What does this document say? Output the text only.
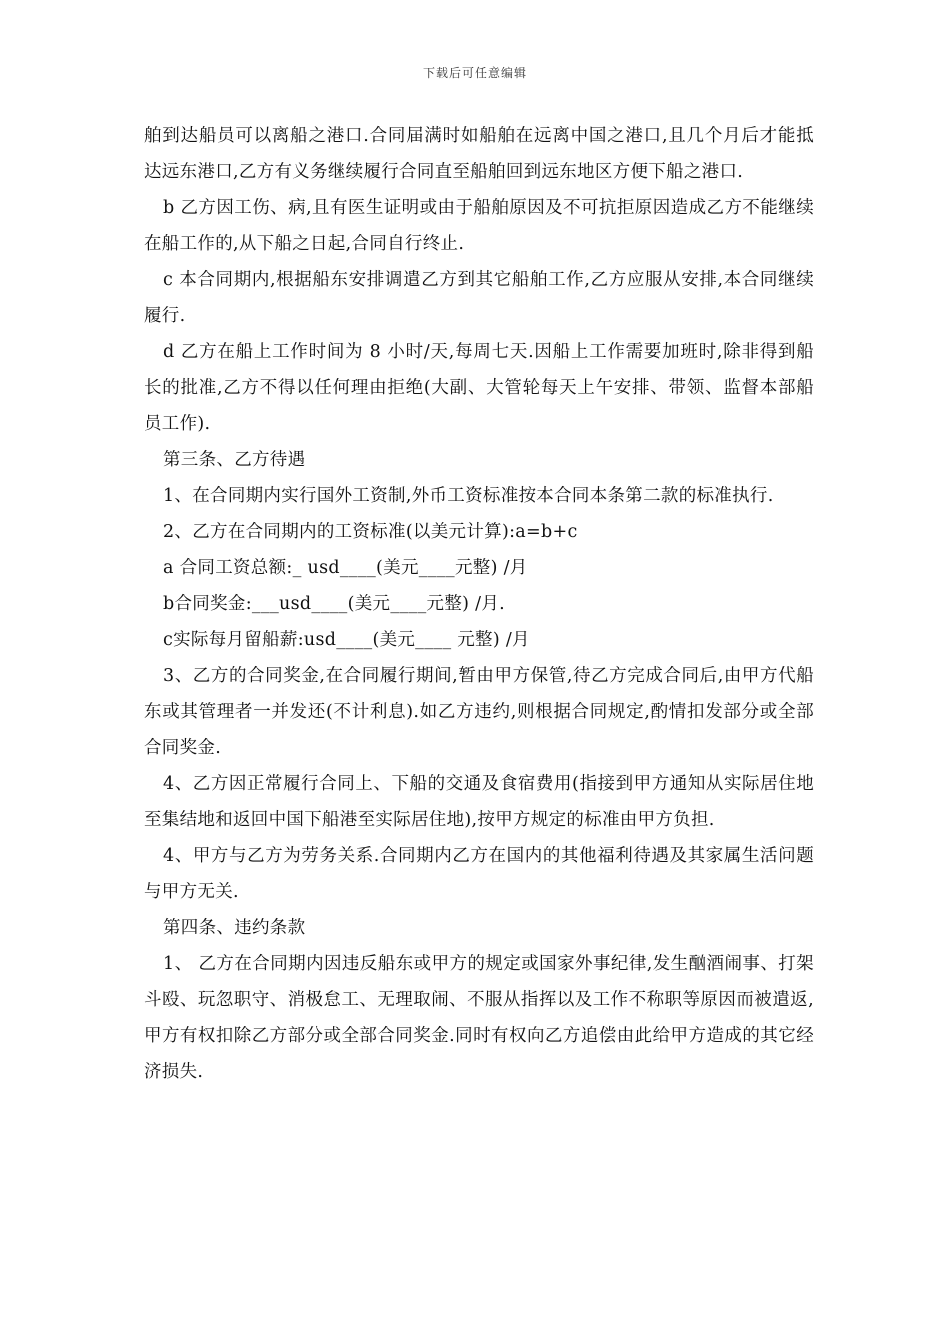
下载后可任意编辑

舶到达船员可以离船之港口.合同届满时如船舶在远离中国之港口,且几个月后才能抵达远东港口,乙方有义务继续履行合同直至船舶回到远东地区方便下船之港口.

b 乙方因工伤、病,且有医生证明或由于船舶原因及不可抗拒原因造成乙方不能继续在船工作的,从下船之日起,合同自行终止.

c 本合同期内,根据船东安排调遣乙方到其它船舶工作,乙方应服从安排,本合同继续履行.

d 乙方在船上工作时间为 8 小时/天,每周七天.因船上工作需要加班时,除非得到船长的批准,乙方不得以任何理由拒绝(大副、大管轮每天上午安排、带领、监督本部船员工作).

第三条、乙方待遇

1、在合同期内实行国外工资制,外币工资标准按本合同本条第二款的标准执行.

2、乙方在合同期内的工资标准(以美元计算):a=b+c

a 合同工资总额:_ usd____(美元____元整) /月

b合同奖金:___usd____(美元____元整) /月.

c实际每月留船薪:usd____(美元____ 元整) /月

3、乙方的合同奖金,在合同履行期间,暂由甲方保管,待乙方完成合同后,由甲方代船东或其管理者一并发还(不计利息).如乙方违约,则根据合同规定,酌情扣发部分或全部合同奖金.

4、乙方因正常履行合同上、下船的交通及食宿费用(指接到甲方通知从实际居住地至集结地和返回中国下船港至实际居住地),按甲方规定的标准由甲方负担.

4、甲方与乙方为劳务关系.合同期内乙方在国内的其他福利待遇及其家属生活问题与甲方无关.

第四条、违约条款

1、 乙方在合同期内因违反船东或甲方的规定或国家外事纪律,发生酗酒闹事、打架斗殴、玩忽职守、消极怠工、无理取闹、不服从指挥以及工作不称职等原因而被遣返,甲方有权扣除乙方部分或全部合同奖金.同时有权向乙方追偿由此给甲方造成的其它经济损失.
